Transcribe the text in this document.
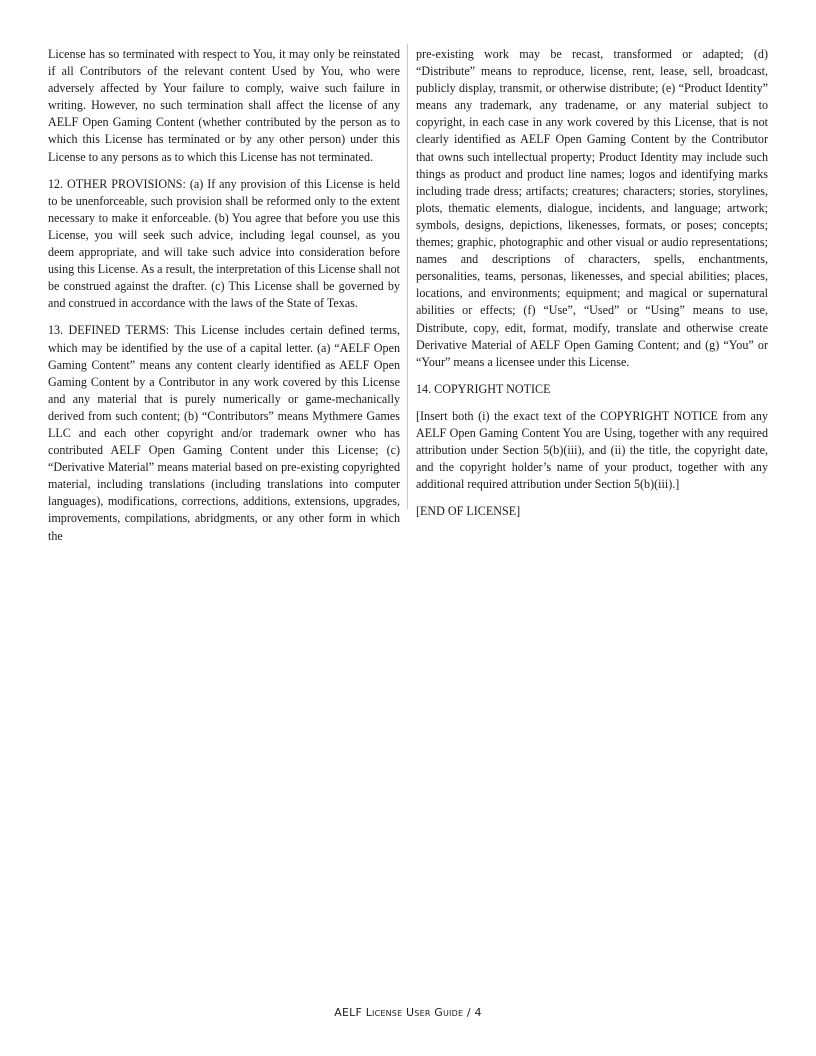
License has so terminated with respect to You, it may only be reinstated if all Contributors of the relevant content Used by You, who were adversely affected by Your failure to comply, waive such failure in writing. However, no such termination shall affect the license of any AELF Open Gaming Content (whether contributed by the person as to which this License has terminated or by any other person) under this License to any persons as to which this License has not terminated.

12. OTHER PROVISIONS: (a) If any provision of this License is held to be unenforceable, such provision shall be reformed only to the extent necessary to make it enforceable. (b) You agree that before you use this License, you will seek such advice, including legal counsel, as you deem appropriate, and will take such advice into consideration before using this License. As a result, the interpretation of this License shall not be construed against the drafter. (c) This License shall be governed by and construed in accordance with the laws of the State of Texas.

13. DEFINED TERMS: This License includes certain defined terms, which may be identified by the use of a capital letter. (a) “AELF Open Gaming Content” means any content clearly identified as AELF Open Gaming Content by a Contributor in any work covered by this License and any material that is purely numerically or game-mechanically derived from such content; (b) “Contributors” means Mythmere Games LLC and each other copyright and/or trademark owner who has contributed AELF Open Gaming Content under this License; (c) “Derivative Material” means material based on pre-existing copyrighted material, including translations (including translations into computer languages), modifications, corrections, additions, extensions, upgrades, improvements, compilations, abridgments, or any other form in which the

pre-existing work may be recast, transformed or adapted; (d) “Distribute” means to reproduce, license, rent, lease, sell, broadcast, publicly display, transmit, or otherwise distribute; (e) “Product Identity” means any trademark, any tradename, or any material subject to copyright, in each case in any work covered by this License, that is not clearly identified as AELF Open Gaming Content by the Contributor that owns such intellectual property; Product Identity may include such things as product and product line names; logos and identifying marks including trade dress; artifacts; creatures; characters; stories, storylines, plots, thematic elements, dialogue, incidents, and language; artwork; symbols, designs, depictions, likenesses, formats, or poses; concepts; themes; graphic, photographic and other visual or audio representations; names and descriptions of characters, spells, enchantments, personalities, teams, personas, likenesses, and special abilities; places, locations, and environments; equipment; and magical or supernatural abilities or effects; (f) “Use”, “Used” or “Using” means to use, Distribute, copy, edit, format, modify, translate and otherwise create Derivative Material of AELF Open Gaming Content; and (g) “You” or “Your” means a licensee under this License.

14. COPYRIGHT NOTICE

[Insert both (i) the exact text of the COPYRIGHT NOTICE from any AELF Open Gaming Content You are Using, together with any required attribution under Section 5(b)(iii), and (ii) the title, the copyright date, and the copyright holder’s name of your product, together with any additional required attribution under Section 5(b)(iii).]

[END OF LICENSE]

AELF License User Guide / 4
